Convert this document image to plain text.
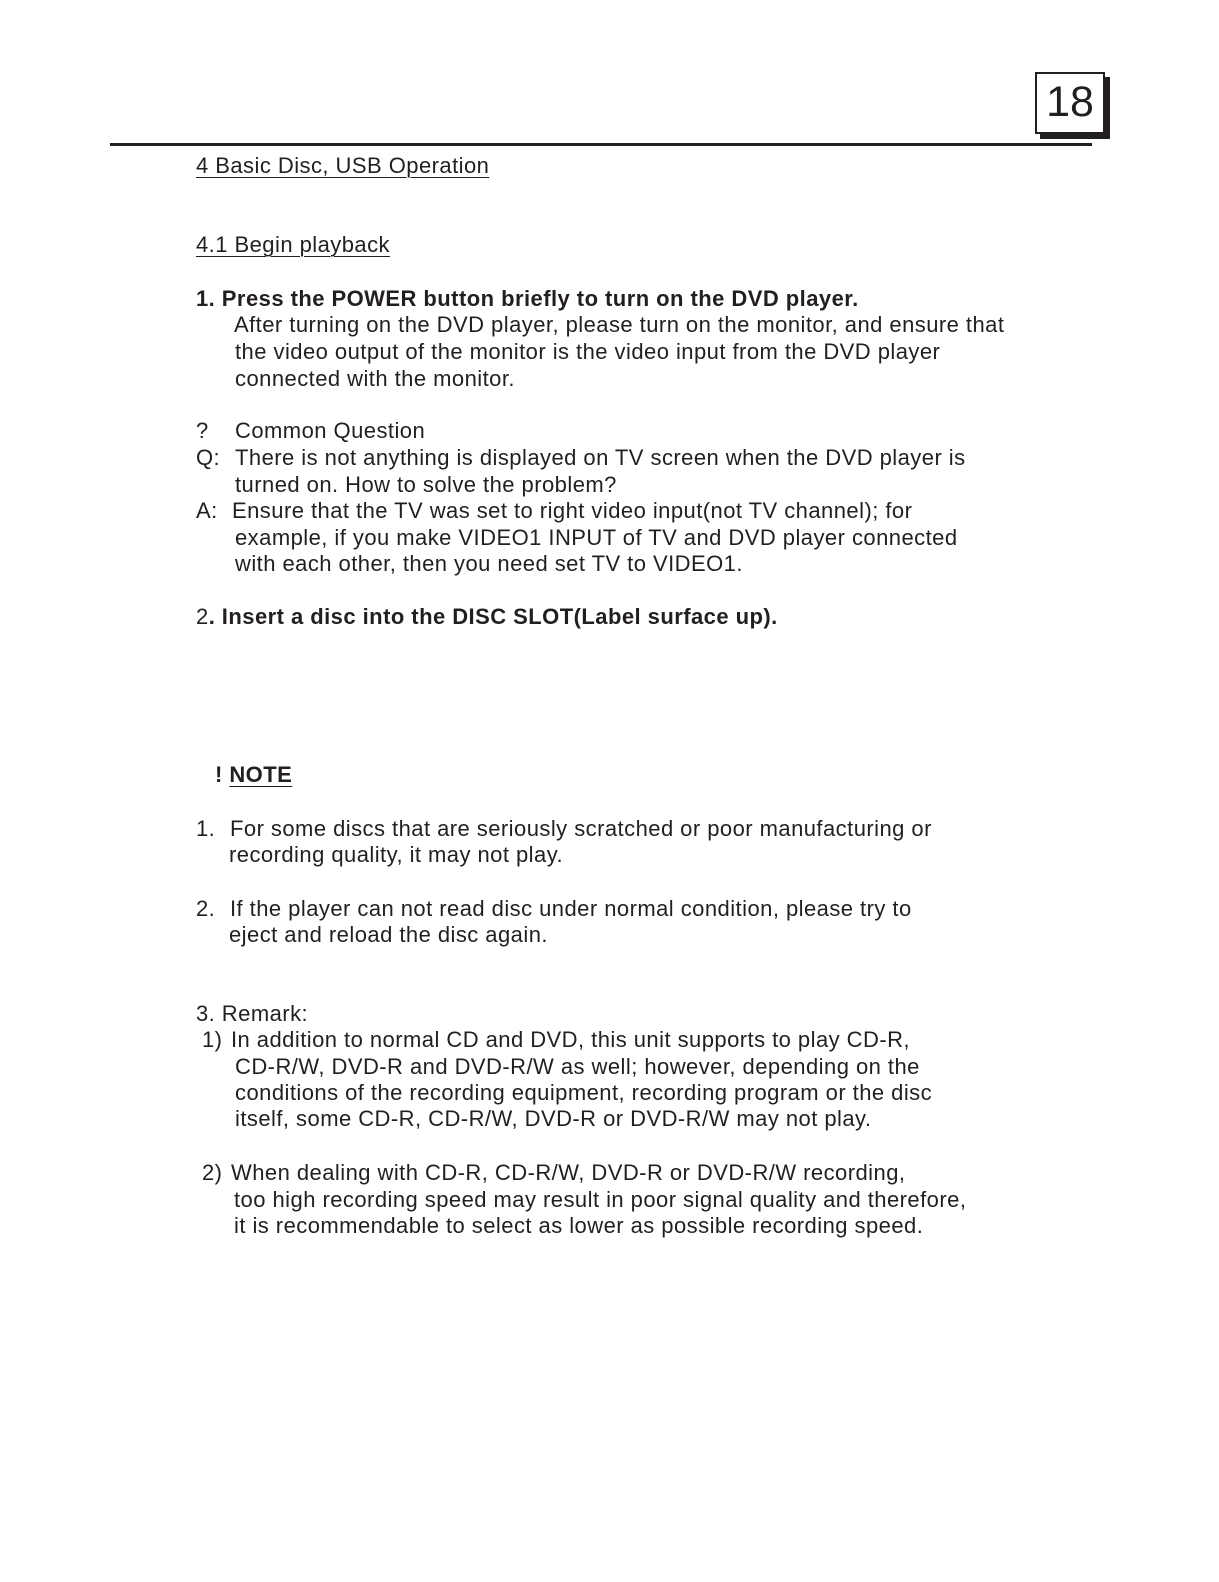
18
4 Basic Disc, USB Operation
4.1 Begin playback
1. Press the POWER button briefly to turn on the DVD player.
After turning on the DVD player, please turn on the monitor, and ensure that
the video output of the monitor is the video input from the DVD player
connected with the monitor.
? Common Question
Q: There is not anything is displayed on TV screen when the DVD player is
turned on. How to solve the problem?
A: Ensure that the TV was set to right video input(not TV channel); for
example, if you make VIDEO1 INPUT of TV and DVD player connected
with each other, then you need set TV to VIDEO1.
2. Insert a disc into the DISC SLOT(Label surface up).
! NOTE
1. For some discs that are seriously scratched or poor manufacturing or
recording quality, it may not play.
2. If the player can not read disc under normal condition, please try to
eject and reload the disc again.
3. Remark:
1) In addition to normal CD and DVD, this unit supports to play CD-R,
CD-R/W, DVD-R and DVD-R/W as well; however, depending on the
conditions of the recording equipment, recording program or the disc
itself, some CD-R, CD-R/W, DVD-R or DVD-R/W may not play.
2) When dealing with CD-R, CD-R/W, DVD-R or DVD-R/W recording,
too high recording speed may result in poor signal quality and therefore,
it is recommendable to select as lower as possible recording speed.
